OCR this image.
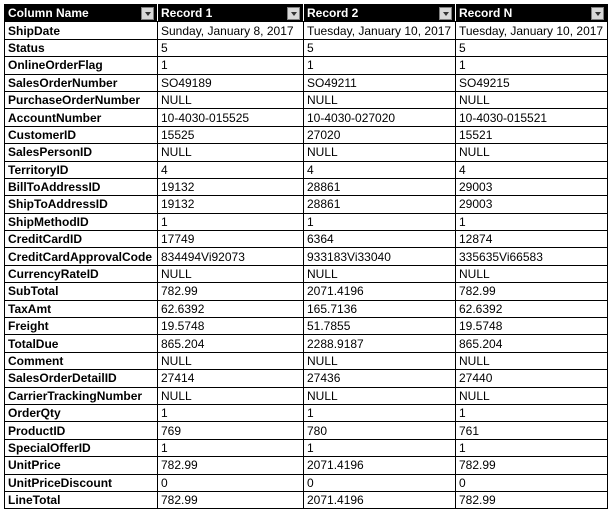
Column Name	Record 1	Record 2	Record N

ShipDate	Sunday, January 8, 2017	Tuesday, January 10, 2017	Tuesday, January 10, 2017
Status	5	5	5
OnlineOrderFlag	1	1	1
SalesOrderNumber	SO49189	SO49211	SO49215
PurchaseOrderNumber	NULL	NULL	NULL
AccountNumber	10-4030-015525	10-4030-027020	10-4030-015521
CustomerID	15525	27020	15521
SalesPersonID	NULL	NULL	NULL
TerritoryID	4	4	4
BillToAddressID	19132	28861	29003
ShipToAddressID	19132	28861	29003
ShipMethodID	1	1	1
CreditCardID	17749	6364	12874
CreditCardApprovalCode	834494Vi92073	933183Vi33040	335635Vi66583
CurrencyRateID	NULL	NULL	NULL
SubTotal	782.99	2071.4196	782.99
TaxAmt	62.6392	165.7136	62.6392
Freight	19.5748	51.7855	19.5748
TotalDue	865.204	2288.9187	865.204
Comment	NULL	NULL	NULL
SalesOrderDetailID	27414	27436	27440
CarrierTrackingNumber	NULL	NULL	NULL
OrderQty	1	1	1
ProductID	769	780	761
SpecialOfferID	1	1	1
UnitPrice	782.99	2071.4196	782.99
UnitPriceDiscount	0	0	0
LineTotal	782.99	2071.4196	782.99
